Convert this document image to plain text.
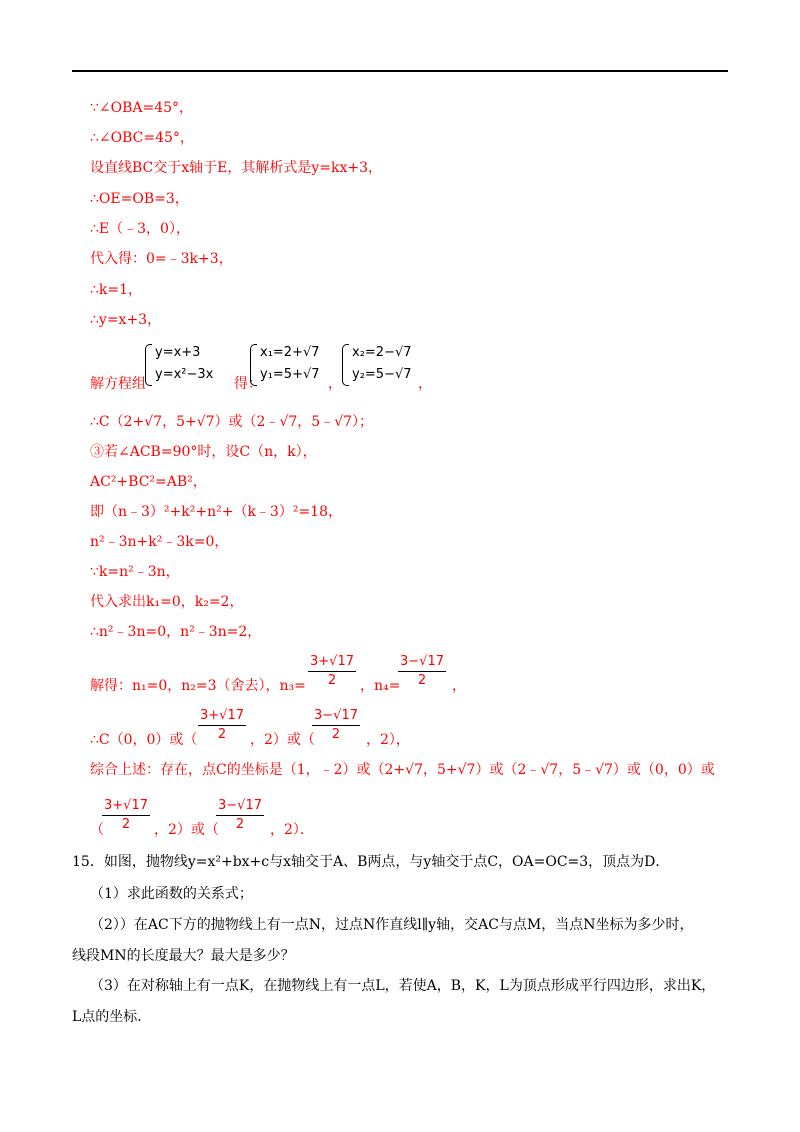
∵∠OBA=45°，
∴∠OBC=45°，
设直线BC交于x轴于E，其解析式是y=kx+3，
∴OE=OB=3，
∴E（﹣3，0），
代入得：0=﹣3k+3，
∴k=1，
∴y=x+3，
解方程组
y=x+3
y=x²−3x
得：
x₁=2+√7
y₁=5+√7
，
x₂=2−√7
y₂=5−√7
，
∴C（2+√7，5+√7）或（2﹣√7，5﹣√7）；
③若∠ACB=90°时，设C（n，k），
AC²+BC²=AB²，
即（n﹣3）²+k²+n²+（k﹣3）²=18，
n²﹣3n+k²﹣3k=0，
∵k=n²﹣3n，
代入求出k₁=0，k₂=2，
∴n²﹣3n=0，n²﹣3n=2，
解得：n₁=0，n₂=3（舍去），n₃=
3+√17
2	，n₄=
3−√17
2	，
∴C（0，0）或（
3+√17
2	，2）或（
3−√17
2	，2），
综合上述：存在，点C的坐标是（1，﹣2）或（2+√7，5+√7）或（2﹣√7，5﹣√7）或（0，0）或
（
3+√17
2	，2）或（
3−√17
2	，2）．
15．如图，抛物线y=x²+bx+c与x轴交于A、B两点，与y轴交于点C，OA=OC=3，顶点为D．
（1）求此函数的关系式；
（2））在AC下方的抛物线上有一点N，过点N作直线l∥y轴，交AC与点M，当点N坐标为多少时，
线段MN的长度最大？最大是多少？
（3）在对称轴上有一点K，在抛物线上有一点L，若使A，B，K，L为顶点形成平行四边形，求出K，
L点的坐标．
